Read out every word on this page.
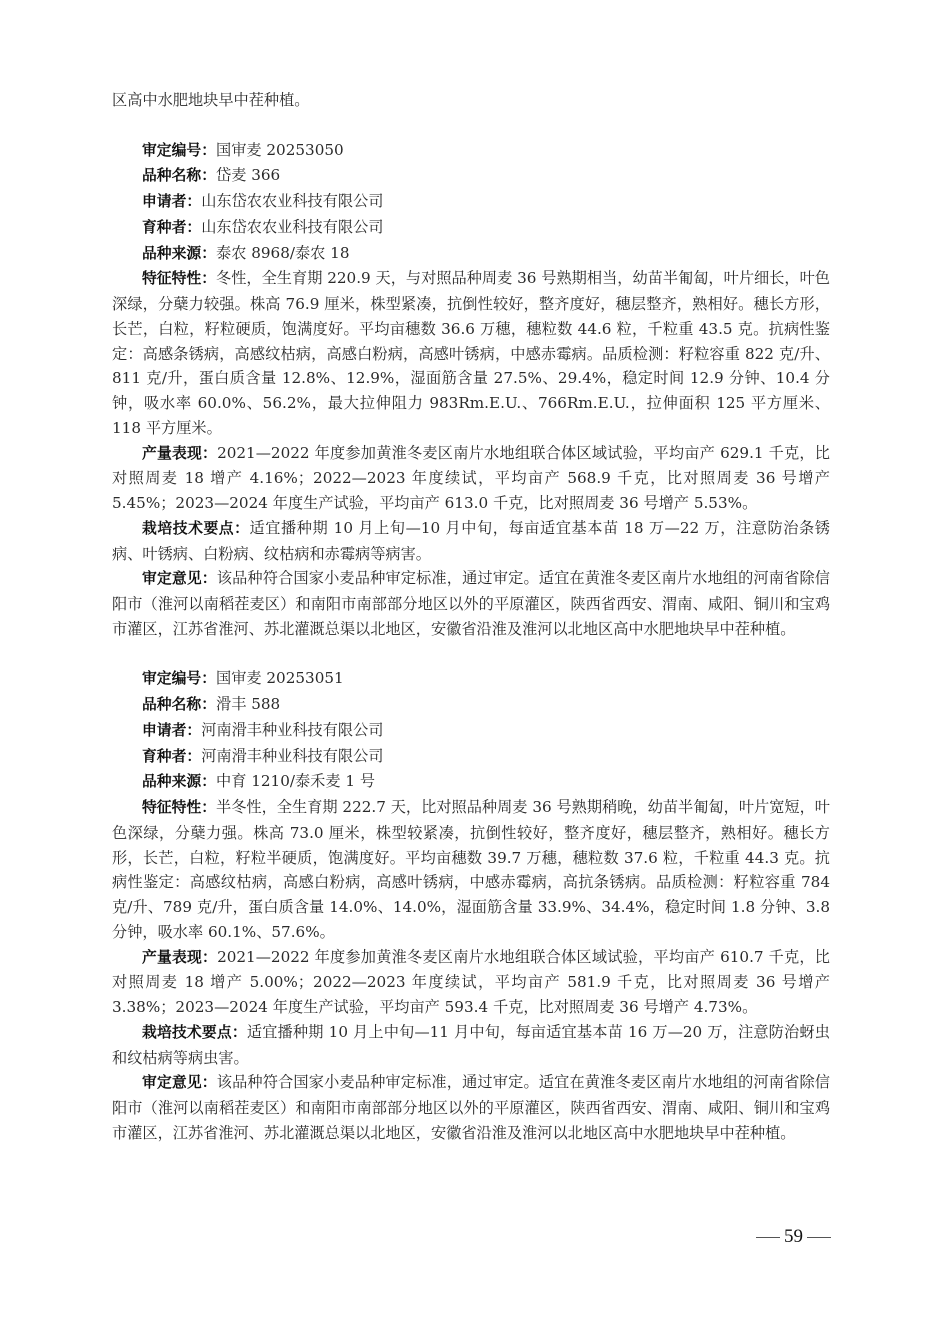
区高中水肥地块早中茬种植。

审定编号：国审麦 20253050

品种名称：岱麦 366

申请者：山东岱农农业科技有限公司

育种者：山东岱农农业科技有限公司

品种来源：泰农 8968/泰农 18

特征特性：冬性，全生育期 220.9 天，与对照品种周麦 36 号熟期相当，幼苗半匍匐，叶片细长，叶色深绿，分蘖力较强。株高 76.9 厘米，株型紧凑，抗倒性较好，整齐度好，穗层整齐，熟相好。穗长方形，长芒，白粒，籽粒硬质，饱满度好。平均亩穗数 36.6 万穗，穗粒数 44.6 粒，千粒重 43.5 克。抗病性鉴定：高感条锈病，高感纹枯病，高感白粉病，高感叶锈病，中感赤霉病。品质检测：籽粒容重 822 克/升、811 克/升，蛋白质含量 12.8%、12.9%，湿面筋含量 27.5%、29.4%，稳定时间 12.9 分钟、10.4 分钟，吸水率 60.0%、56.2%，最大拉伸阻力 983Rm.E.U.、766Rm.E.U.，拉伸面积 125 平方厘米、118 平方厘米。

产量表现：2021—2022 年度参加黄淮冬麦区南片水地组联合体区域试验，平均亩产 629.1 千克，比对照周麦 18 增产 4.16%；2022—2023 年度续试，平均亩产 568.9 千克，比对照周麦 36 号增产 5.45%；2023—2024 年度生产试验，平均亩产 613.0 千克，比对照周麦 36 号增产 5.53%。

栽培技术要点：适宜播种期 10 月上旬—10 月中旬，每亩适宜基本苗 18 万—22 万，注意防治条锈病、叶锈病、白粉病、纹枯病和赤霉病等病害。

审定意见：该品种符合国家小麦品种审定标准，通过审定。适宜在黄淮冬麦区南片水地组的河南省除信阳市（淮河以南稻茬麦区）和南阳市南部部分地区以外的平原灌区，陕西省西安、渭南、咸阳、铜川和宝鸡市灌区，江苏省淮河、苏北灌溉总渠以北地区，安徽省沿淮及淮河以北地区高中水肥地块早中茬种植。

审定编号：国审麦 20253051

品种名称：滑丰 588

申请者：河南滑丰种业科技有限公司

育种者：河南滑丰种业科技有限公司

品种来源：中育 1210/泰禾麦 1 号

特征特性：半冬性，全生育期 222.7 天，比对照品种周麦 36 号熟期稍晚，幼苗半匍匐，叶片宽短，叶色深绿，分蘖力强。株高 73.0 厘米，株型较紧凑，抗倒性较好，整齐度好，穗层整齐，熟相好。穗长方形，长芒，白粒，籽粒半硬质，饱满度好。平均亩穗数 39.7 万穗，穗粒数 37.6 粒，千粒重 44.3 克。抗病性鉴定：高感纹枯病，高感白粉病，高感叶锈病，中感赤霉病，高抗条锈病。品质检测：籽粒容重 784 克/升、789 克/升，蛋白质含量 14.0%、14.0%，湿面筋含量 33.9%、34.4%，稳定时间 1.8 分钟、3.8 分钟，吸水率 60.1%、57.6%。

产量表现：2021—2022 年度参加黄淮冬麦区南片水地组联合体区域试验，平均亩产 610.7 千克，比对照周麦 18 增产 5.00%；2022—2023 年度续试，平均亩产 581.9 千克，比对照周麦 36 号增产 3.38%；2023—2024 年度生产试验，平均亩产 593.4 千克，比对照周麦 36 号增产 4.73%。

栽培技术要点：适宜播种期 10 月上中旬—11 月中旬，每亩适宜基本苗 16 万—20 万，注意防治蚜虫和纹枯病等病虫害。

审定意见：该品种符合国家小麦品种审定标准，通过审定。适宜在黄淮冬麦区南片水地组的河南省除信阳市（淮河以南稻茬麦区）和南阳市南部部分地区以外的平原灌区，陕西省西安、渭南、咸阳、铜川和宝鸡市灌区，江苏省淮河、苏北灌溉总渠以北地区，安徽省沿淮及淮河以北地区高中水肥地块早中茬种植。

59
